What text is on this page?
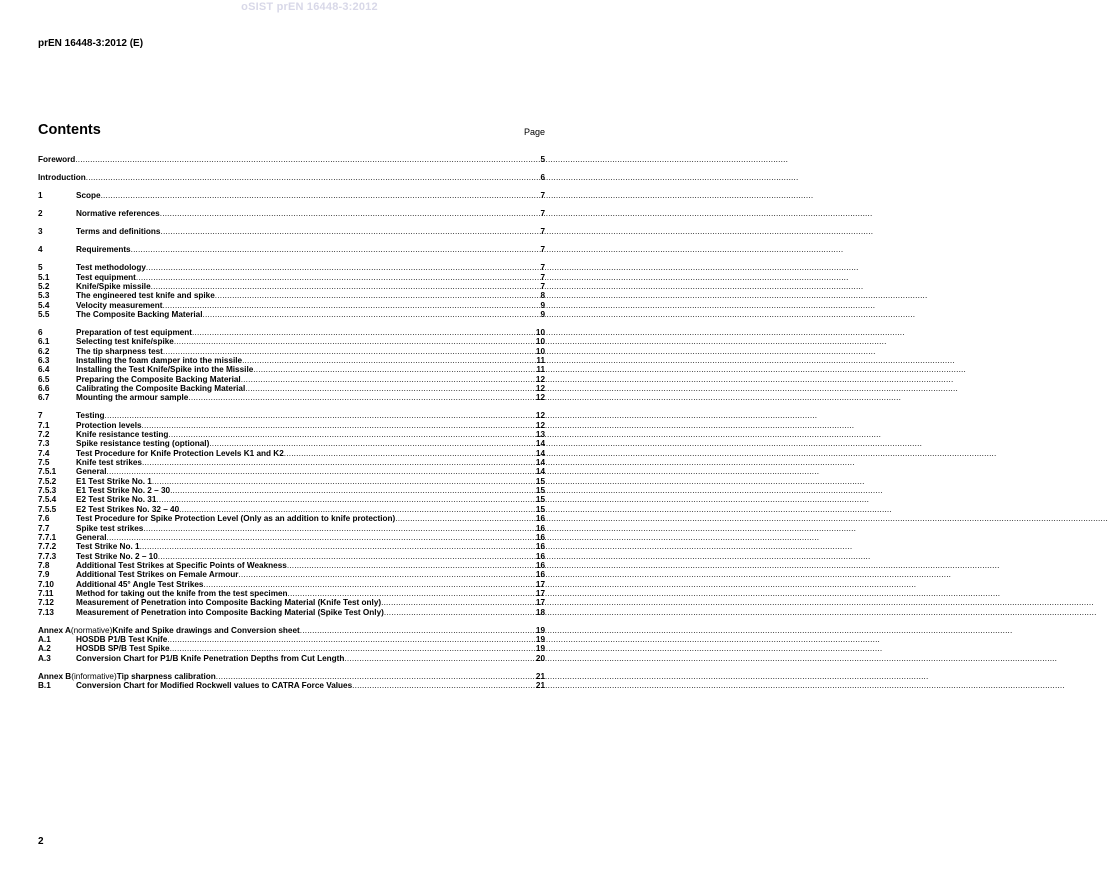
oSIST prEN 16448-3:2012
prEN 16448-3:2012 (E)
Contents	Page
Foreword .....	5
Introduction .....	6
1	Scope .....	7
2	Normative references .....	7
3	Terms and definitions .....	7
4	Requirements .....	7
5	Test methodology .....	7
5.1	Test equipment .....	7
5.2	Knife/Spike missile .....	7
5.3	The engineered test knife and spike .....	8
5.4	Velocity measurement .....	9
5.5	The Composite Backing Material .....	9
6	Preparation of test equipment .....	10
6.1	Selecting test knife/spike .....	10
6.2	The tip sharpness test .....	10
6.3	Installing the foam damper into the missile .....	11
6.4	Installing the Test Knife/Spike into the Missile .....	11
6.5	Preparing the Composite Backing Material .....	12
6.6	Calibrating the Composite Backing Material .....	12
6.7	Mounting the armour sample .....	12
7	Testing .....	12
7.1	Protection levels .....	12
7.2	Knife resistance testing .....	13
7.3	Spike resistance testing (optional) .....	14
7.4	Test Procedure for Knife Protection Levels K1 and K2 .....	14
7.5	Knife test strikes .....	14
7.5.1	General .....	14
7.5.2	E1 Test Strike No. 1 .....	15
7.5.3	E1 Test Strike No. 2 – 30 .....	15
7.5.4	E2 Test Strike No. 31 .....	15
7.5.5	E2 Test Strikes No. 32 – 40 .....	15
7.6	Test Procedure for Spike Protection Level (Only as an addition to knife protection) .....	16
7.7	Spike test strikes .....	16
7.7.1	General .....	16
7.7.2	Test Strike No. 1 .....	16
7.7.3	Test Strike No. 2 – 10 .....	16
7.8	Additional Test Strikes at Specific Points of Weakness .....	16
7.9	Additional Test Strikes on Female Armour .....	16
7.10	Additional 45° Angle Test Strikes .....	17
7.11	Method for taking out the knife from the test specimen .....	17
7.12	Measurement of Penetration into Composite Backing Material (Knife Test only) .....	17
7.13	Measurement of Penetration into Composite Backing Material (Spike Test Only) .....	18
Annex A (normative) Knife and Spike drawings and Conversion sheet .....	19
A.1	HOSDB P1/B Test Knife .....	19
A.2	HOSDB SP/B Test Spike .....	19
A.3	Conversion Chart for P1/B Knife Penetration Depths from Cut Length .....	20
Annex B (informative) Tip sharpness calibration .....	21
B.1	Conversion Chart for Modified Rockwell values to CATRA Force Values .....	21
2
